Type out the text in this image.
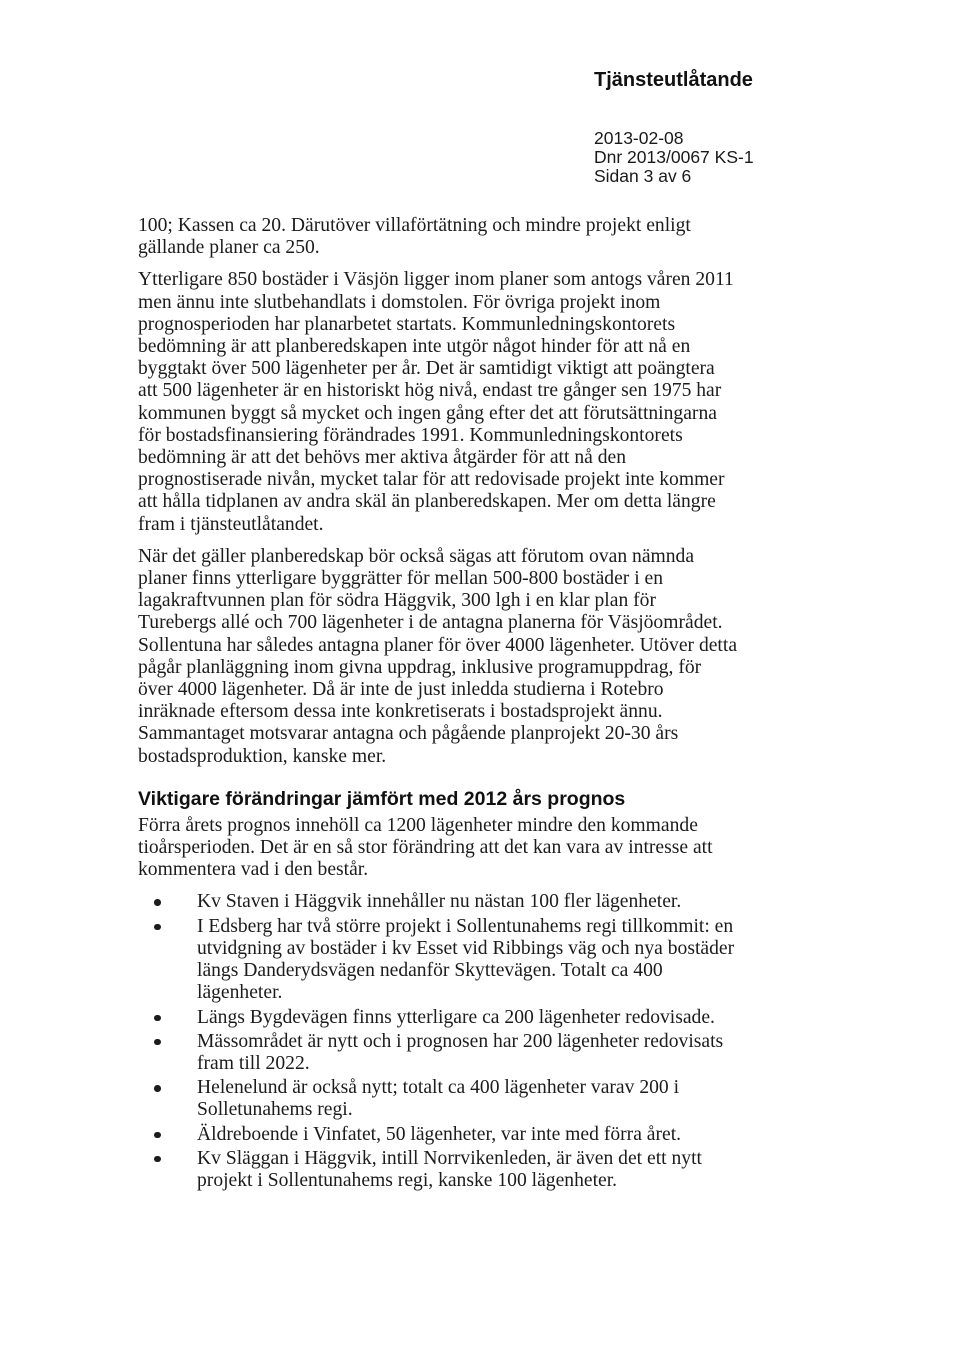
Tjänsteutlåtande
2013-02-08
Dnr 2013/0067 KS-1
Sidan 3 av 6
100; Kassen ca 20. Därutöver villaförtätning och mindre projekt enligt
gällande planer ca 250.
Ytterligare 850 bostäder i Väsjön ligger inom planer som antogs våren 2011
men ännu inte slutbehandlats i domstolen. För övriga projekt inom
prognosperioden har planarbetet startats. Kommunledningskontorets
bedömning är att planberedskapen inte utgör något hinder för att nå en
byggtakt över 500 lägenheter per år. Det är samtidigt viktigt att poängtera
att 500 lägenheter är en historiskt hög nivå, endast tre gånger sen 1975 har
kommunen byggt så mycket och ingen gång efter det att förutsättningarna
för bostadsfinansiering förändrades 1991. Kommunledningskontorets
bedömning är att det behövs mer aktiva åtgärder för att nå den
prognostiserade nivån, mycket talar för att redovisade projekt inte kommer
att hålla tidplanen av andra skäl än planberedskapen. Mer om detta längre
fram i tjänsteutlåtandet.
När det gäller planberedskap bör också sägas att förutom ovan nämnda
planer finns ytterligare byggrätter för mellan 500-800 bostäder i en
lagakraftvunnen plan för södra Häggvik, 300 lgh i en klar plan för
Turebergs allé och 700 lägenheter i de antagna planerna för Väsjöområdet.
Sollentuna har således antagna planer för över 4000 lägenheter. Utöver detta
pågår planläggning inom givna uppdrag, inklusive programuppdrag, för
över 4000 lägenheter. Då är inte de just inledda studierna i Rotebro
inräknade eftersom dessa inte konkretiserats i bostadsprojekt ännu.
Sammantaget motsvarar antagna och pågående planprojekt 20-30 års
bostadsproduktion, kanske mer.
Viktigare förändringar jämfört med 2012 års prognos
Förra årets prognos innehöll ca 1200 lägenheter mindre den kommande
tioårsperioden. Det är en så stor förändring att det kan vara av intresse att
kommentera vad i den består.
Kv Staven i Häggvik innehåller nu nästan 100 fler lägenheter.
I Edsberg har två större projekt i Sollentunahems regi tillkommit: en
utvidgning av bostäder i kv Esset vid Ribbings väg och nya bostäder
längs Danderydsvägen nedanför Skyttevägen. Totalt ca 400
lägenheter.
Längs Bygdevägen finns ytterligare ca 200 lägenheter redovisade.
Mässområdet är nytt och i prognosen har 200 lägenheter redovisats
fram till 2022.
Helenelund är också nytt; totalt ca 400 lägenheter varav 200 i
Solletunahems regi.
Äldreboende i Vinfatet, 50 lägenheter, var inte med förra året.
Kv Släggan i Häggvik, intill Norrvikenleden, är även det ett nytt
projekt i Sollentunahems regi, kanske 100 lägenheter.
